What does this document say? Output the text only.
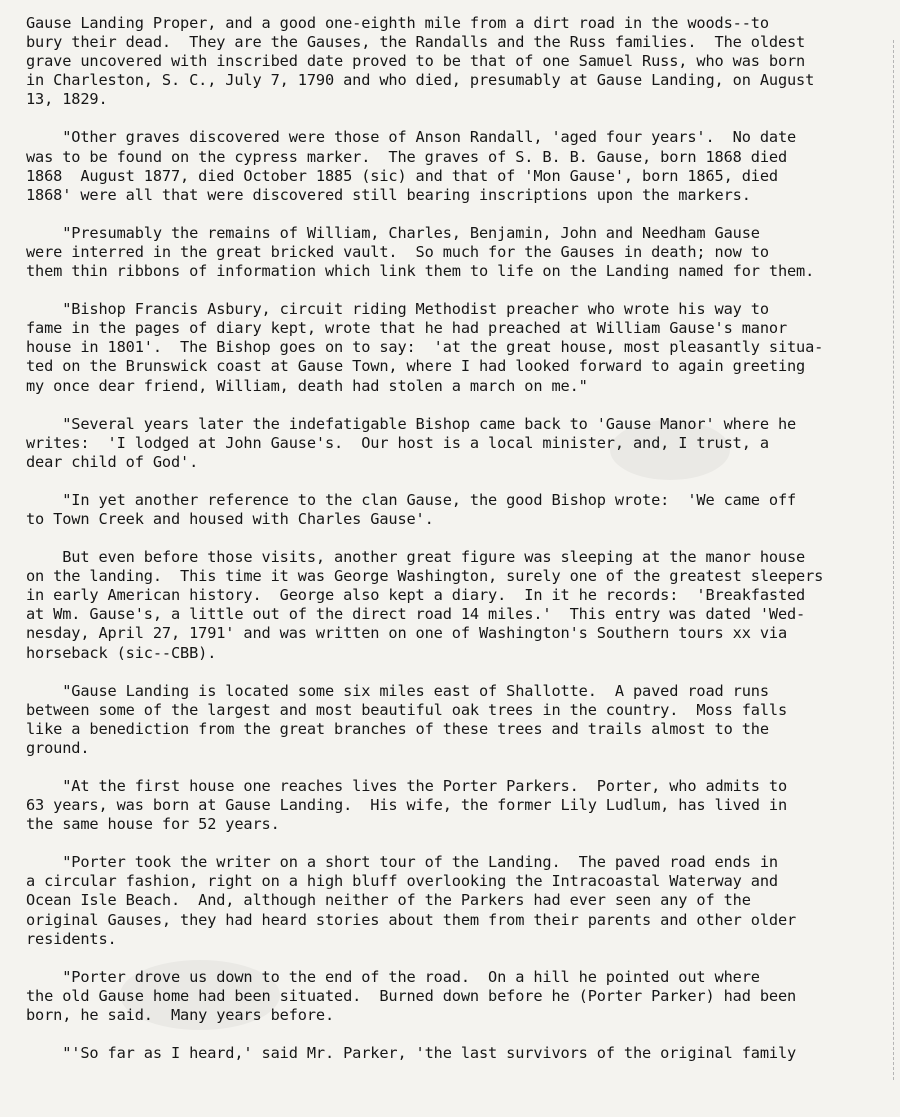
Gause Landing Proper, and a good one-eighth mile from a dirt road in the woods--to
bury their dead.  They are the Gauses, the Randalls and the Russ families.  The oldest
grave uncovered with inscribed date proved to be that of one Samuel Russ, who was born
in Charleston, S. C., July 7, 1790 and who died, presumably at Gause Landing, on August
13, 1829.
"Other graves discovered were those of Anson Randall, 'aged four years'.  No date
was to be found on the cypress marker.  The graves of S. B. B. Gause, born 1868 died
1868  August 1877, died October 1885 (sic) and that of 'Mon Gause', born 1865, died
1868' were all that were discovered still bearing inscriptions upon the markers.
"Presumably the remains of William, Charles, Benjamin, John and Needham Gause
were interred in the great bricked vault.  So much for the Gauses in death; now to
them thin ribbons of information which link them to life on the Landing named for them.
"Bishop Francis Asbury, circuit riding Methodist preacher who wrote his way to
fame in the pages of diary kept, wrote that he had preached at William Gause's manor
house in 1801'.  The Bishop goes on to say:  'at the great house, most pleasantly situa-
ted on the Brunswick coast at Gause Town, where I had looked forward to again greeting
my once dear friend, William, death had stolen a march on me."
"Several years later the indefatigable Bishop came back to 'Gause Manor' where he
writes:  'I lodged at John Gause's.  Our host is a local minister, and, I trust, a
dear child of God'.
"In yet another reference to the clan Gause, the good Bishop wrote:  'We came off
to Town Creek and housed with Charles Gause'.
But even before those visits, another great figure was sleeping at the manor house
on the landing.  This time it was George Washington, surely one of the greatest sleepers
in early American history.  George also kept a diary.  In it he records:  'Breakfasted
at Wm. Gause's, a little out of the direct road 14 miles.'  This entry was dated 'Wed-
nesday, April 27, 1791' and was written on one of Washington's Southern tours xx via
horseback (sic--CBB).
"Gause Landing is located some six miles east of Shallotte.  A paved road runs
between some of the largest and most beautiful oak trees in the country.  Moss falls
like a benediction from the great branches of these trees and trails almost to the
ground.
"At the first house one reaches lives the Porter Parkers.  Porter, who admits to
63 years, was born at Gause Landing.  His wife, the former Lily Ludlum, has lived in
the same house for 52 years.
"Porter took the writer on a short tour of the Landing.  The paved road ends in
a circular fashion, right on a high bluff overlooking the Intracoastal Waterway and
Ocean Isle Beach.  And, although neither of the Parkers had ever seen any of the
original Gauses, they had heard stories about them from their parents and other older
residents.
"Porter drove us down to the end of the road.  On a hill he pointed out where
the old Gause home had been situated.  Burned down before he (Porter Parker) had been
born, he said.  Many years before.
"'So far as I heard,' said Mr. Parker, 'the last survivors of the original family
